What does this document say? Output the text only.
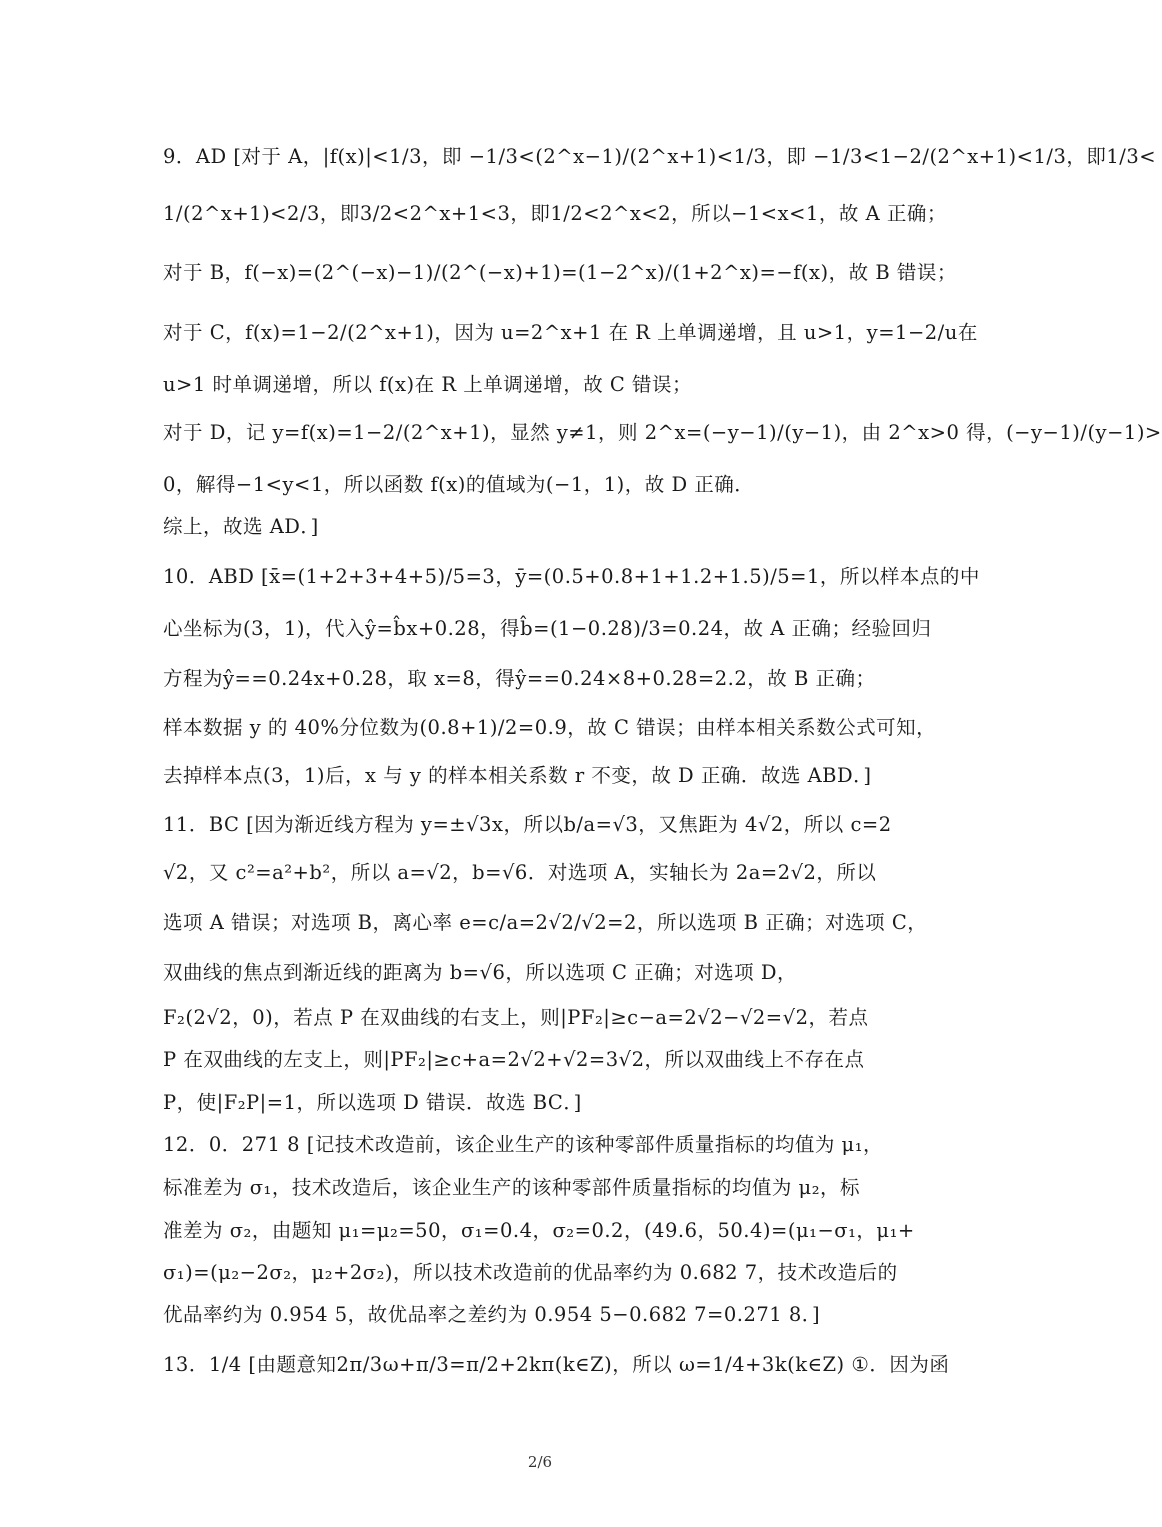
9．AD [对于 A，|f(x)|<1/3，即 −1/3<(2^x−1)/(2^x+1)<1/3，即 −1/3<1−2/(2^x+1)<1/3，即1/3<
1/(2^x+1)<2/3，即3/2<2^x+1<3，即1/2<2^x<2，所以−1<x<1，故 A 正确；
对于 B，f(−x)=(2^(−x)−1)/(2^(−x)+1)=(1−2^x)/(1+2^x)=−f(x)，故 B 错误；
对于 C，f(x)=1−2/(2^x+1)，因为 u=2^x+1 在 R 上单调递增，且 u>1，y=1−2/u在
u>1 时单调递增，所以 f(x)在 R 上单调递增，故 C 错误；
对于 D，记 y=f(x)=1−2/(2^x+1)，显然 y≠1，则 2^x=(−y−1)/(y−1)，由 2^x>0 得，(−y−1)/(y−1)>
0，解得−1<y<1，所以函数 f(x)的值域为(−1，1)，故 D 正确．
综上，故选 AD．]
10．ABD [x̄=(1+2+3+4+5)/5=3，ȳ=(0.5+0.8+1+1.2+1.5)/5=1，所以样本点的中
心坐标为(3，1)，代入ŷ=b̂x+0.28，得b̂=(1−0.28)/3=0.24，故 A 正确；经验回归
方程为ŷ==0.24x+0.28，取 x=8，得ŷ==0.24×8+0.28=2.2，故 B 正确；
样本数据 y 的 40%分位数为(0.8+1)/2=0.9，故 C 错误；由样本相关系数公式可知，
去掉样本点(3，1)后，x 与 y 的样本相关系数 r 不变，故 D 正确．故选 ABD．]
11．BC [因为渐近线方程为 y=±√3x，所以b/a=√3，又焦距为 4√2，所以 c=2
√2，又 c²=a²+b²，所以 a=√2，b=√6．对选项 A，实轴长为 2a=2√2，所以
选项 A 错误；对选项 B，离心率 e=c/a=2√2/√2=2，所以选项 B 正确；对选项 C，
双曲线的焦点到渐近线的距离为 b=√6，所以选项 C 正确；对选项 D，
F₂(2√2，0)，若点 P 在双曲线的右支上，则|PF₂|≥c−a=2√2−√2=√2，若点
P 在双曲线的左支上，则|PF₂|≥c+a=2√2+√2=3√2，所以双曲线上不存在点
P，使|F₂P|=1，所以选项 D 错误．故选 BC．]
12．0．271 8 [记技术改造前，该企业生产的该种零部件质量指标的均值为 μ₁，
标准差为 σ₁，技术改造后，该企业生产的该种零部件质量指标的均值为 μ₂，标
准差为 σ₂，由题知 μ₁=μ₂=50，σ₁=0.4，σ₂=0.2，(49.6，50.4)=(μ₁−σ₁，μ₁+
σ₁)=(μ₂−2σ₂，μ₂+2σ₂)，所以技术改造前的优品率约为 0.682 7，技术改造后的
优品率约为 0.954 5，故优品率之差约为 0.954 5−0.682 7=0.271 8．]
13．1/4 [由题意知2π/3ω+π/3=π/2+2kπ(k∈Z)，所以 ω=1/4+3k(k∈Z) ①．因为函
2/6
